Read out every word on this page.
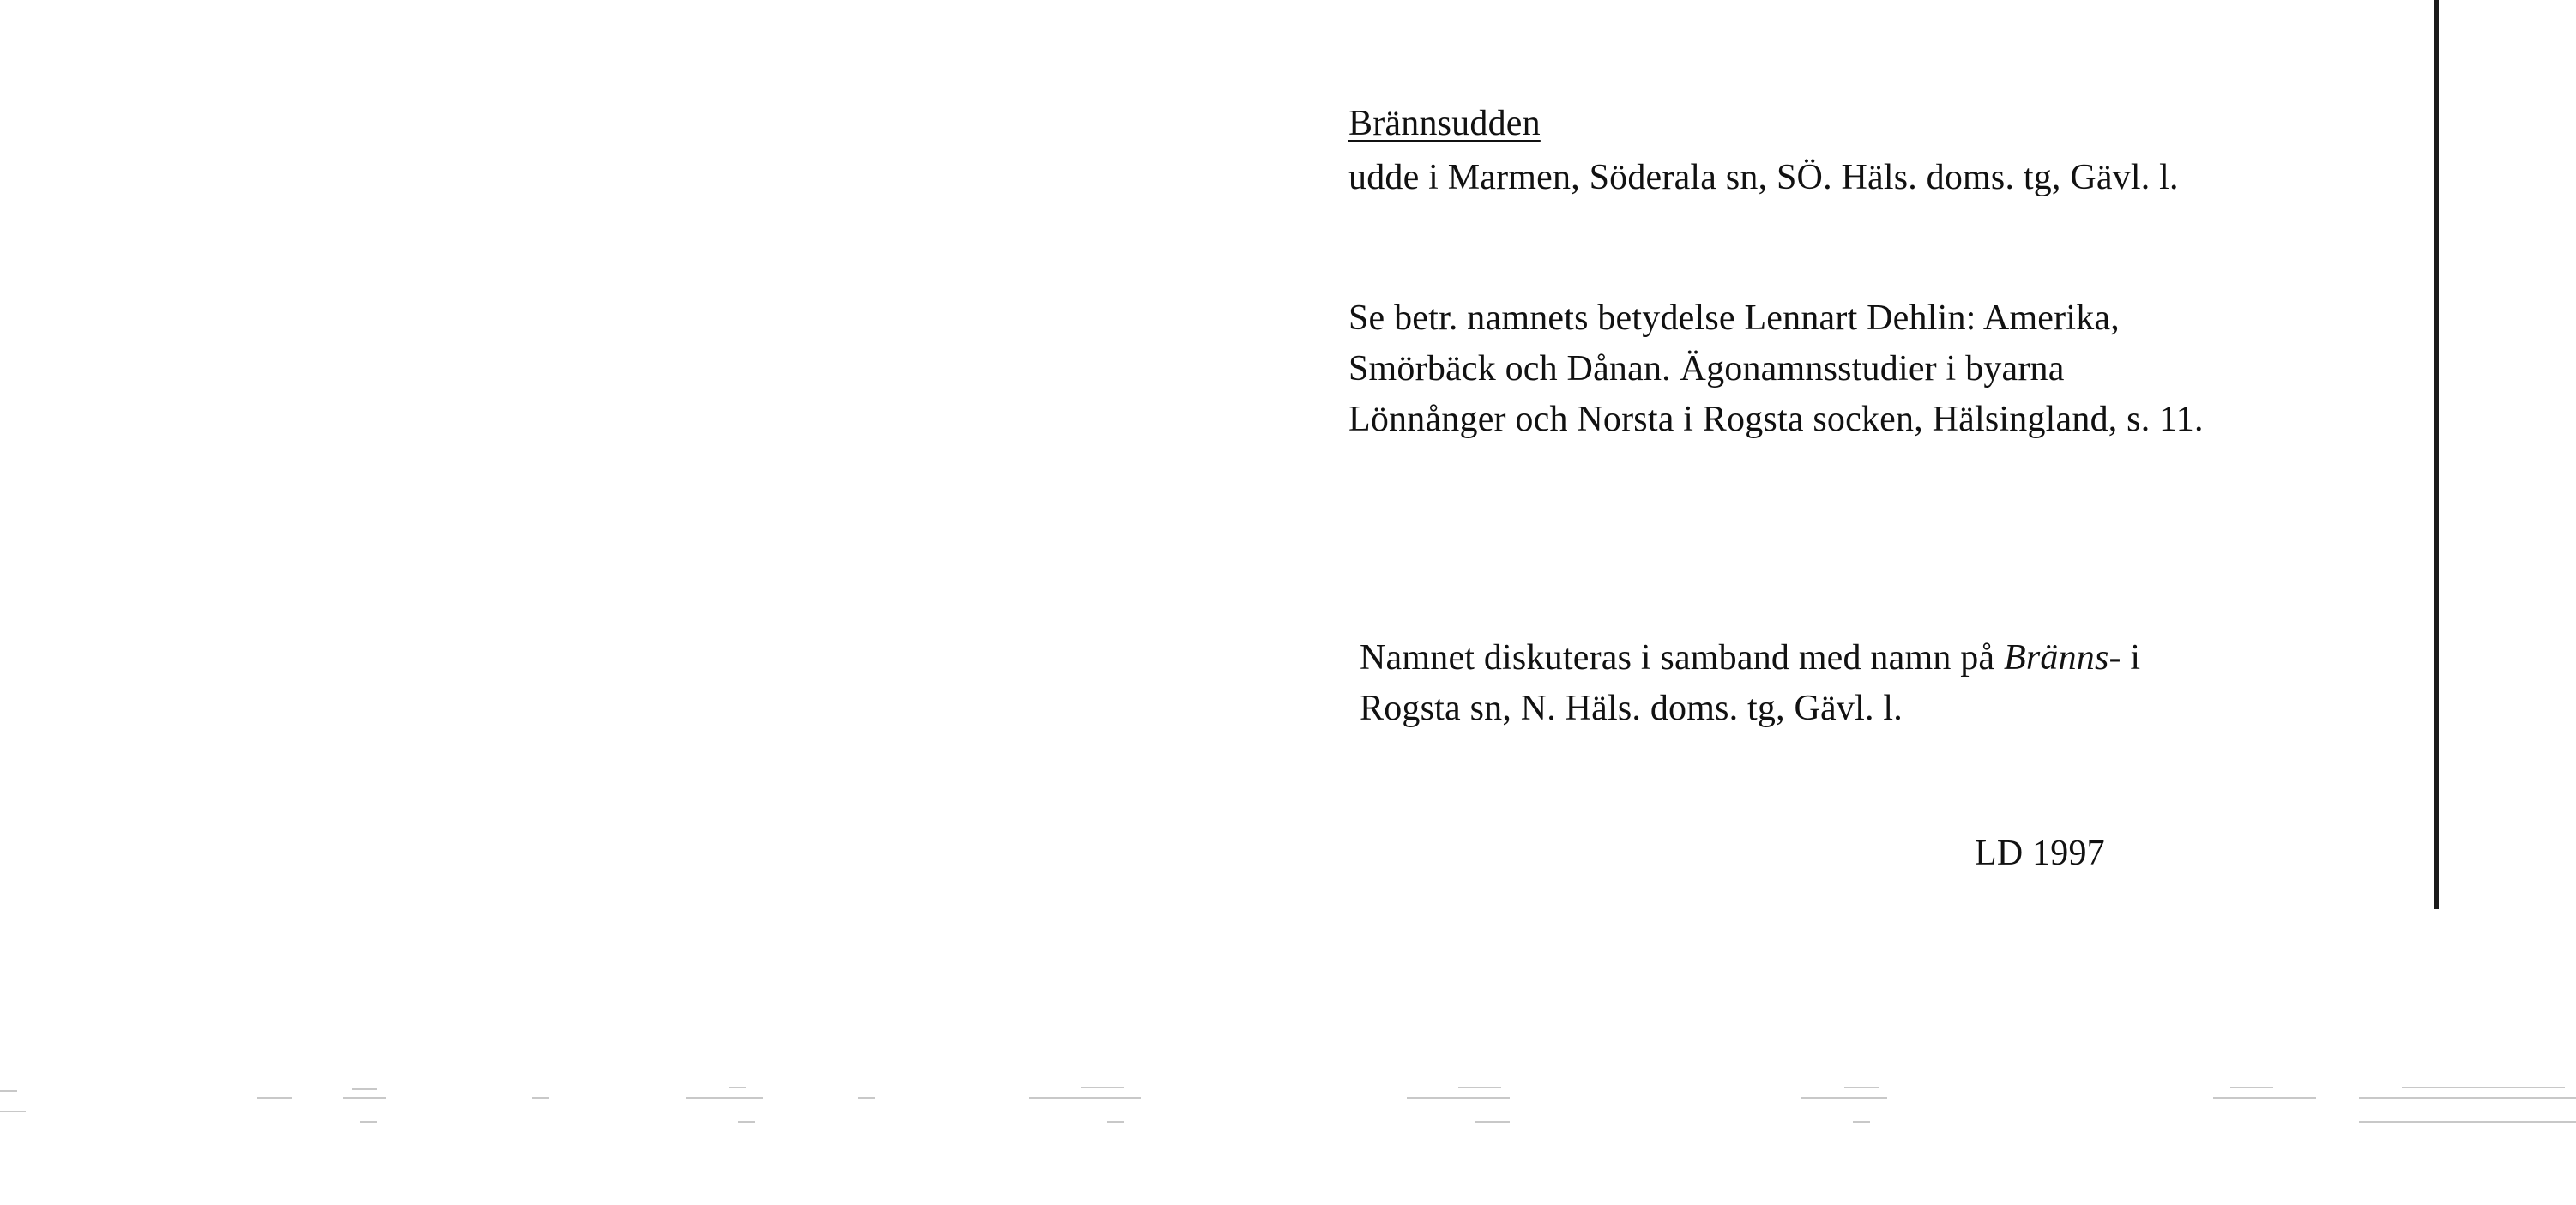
Brännsudden
udde i Marmen, Söderala sn, SÖ. Häls. doms. tg, Gävl. l.
Se betr. namnets betydelse Lennart Dehlin: Amerika,
Smörbäck och Dånan. Ägonamnsstudier i byarna
Lönnånger och Norsta i Rogsta socken, Hälsingland, s. 11.
Namnet diskuteras i samband med namn på Bränns- i
Rogsta sn, N. Häls. doms. tg, Gävl. l.
LD 1997
